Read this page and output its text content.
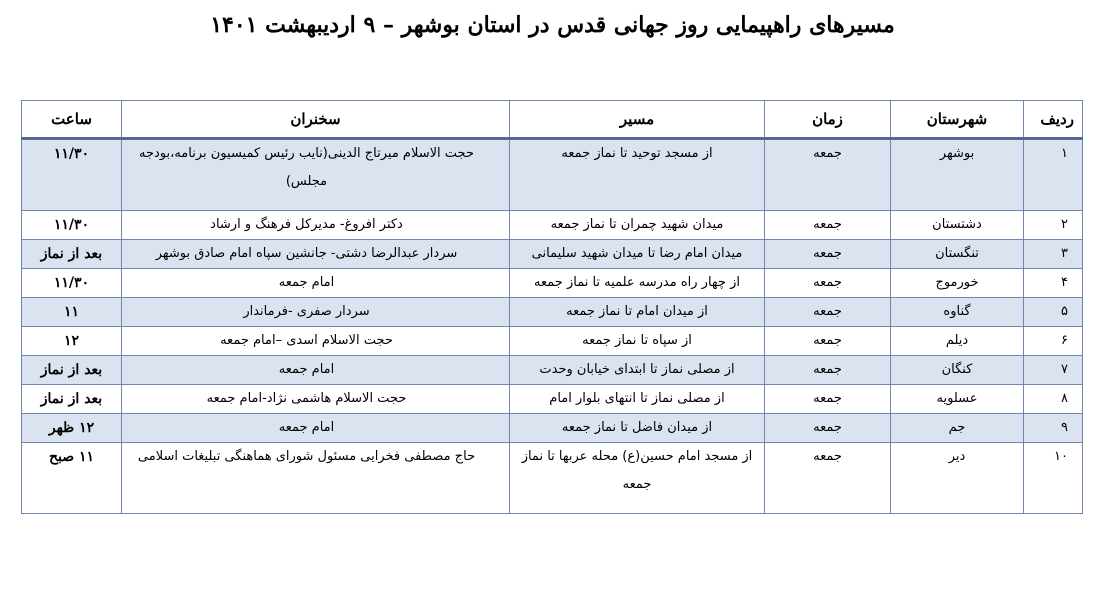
مسیرهای راهپیمایی روز جهانی قدس در استان بوشهر – ۹ اردیبهشت ۱۴۰۱
ردیف	شهرستان	زمان	مسیر	سخنران	ساعت
۱	بوشهر	جمعه	از مسجد توحید تا نماز جمعه	حجت الاسلام میرتاج الدینی(نایب رئیس کمیسیون برنامه،بودجه مجلس)	۱۱/۳۰
۲	دشتستان	جمعه	میدان شهید چمران تا نماز جمعه	دکتر افروغ- مدیرکل فرهنگ و ارشاد	۱۱/۳۰
۳	تنگستان	جمعه	میدان امام رضا تا میدان شهید سلیمانی	سردار عبدالرضا دشتی- جانشین سپاه امام صادق بوشهر	بعد از نماز
۴	خورموج	جمعه	از چهار راه مدرسه علمیه تا نماز جمعه	امام جمعه	۱۱/۳۰
۵	گناوه	جمعه	از میدان امام تا نماز جمعه	سردار صفری -فرماندار	۱۱
۶	دیلم	جمعه	از سپاه تا نماز جمعه	حجت الاسلام اسدی –امام جمعه	۱۲
۷	کنگان	جمعه	از مصلی نماز تا ابتدای خیابان وحدت	امام جمعه	بعد از نماز
۸	عسلویه	جمعه	از مصلی نماز تا انتهای بلوار امام	حجت الاسلام هاشمی نژاد-امام جمعه	بعد از نماز
۹	جم	جمعه	از میدان فاضل تا نماز جمعه	امام جمعه	۱۲ ظهر
۱۰	دیر	جمعه	از مسجد امام حسین(ع) محله عربها تا نماز جمعه	حاج مصطفی فخرایی مسئول شورای هماهنگی تبلیغات اسلامی	۱۱ صبح
